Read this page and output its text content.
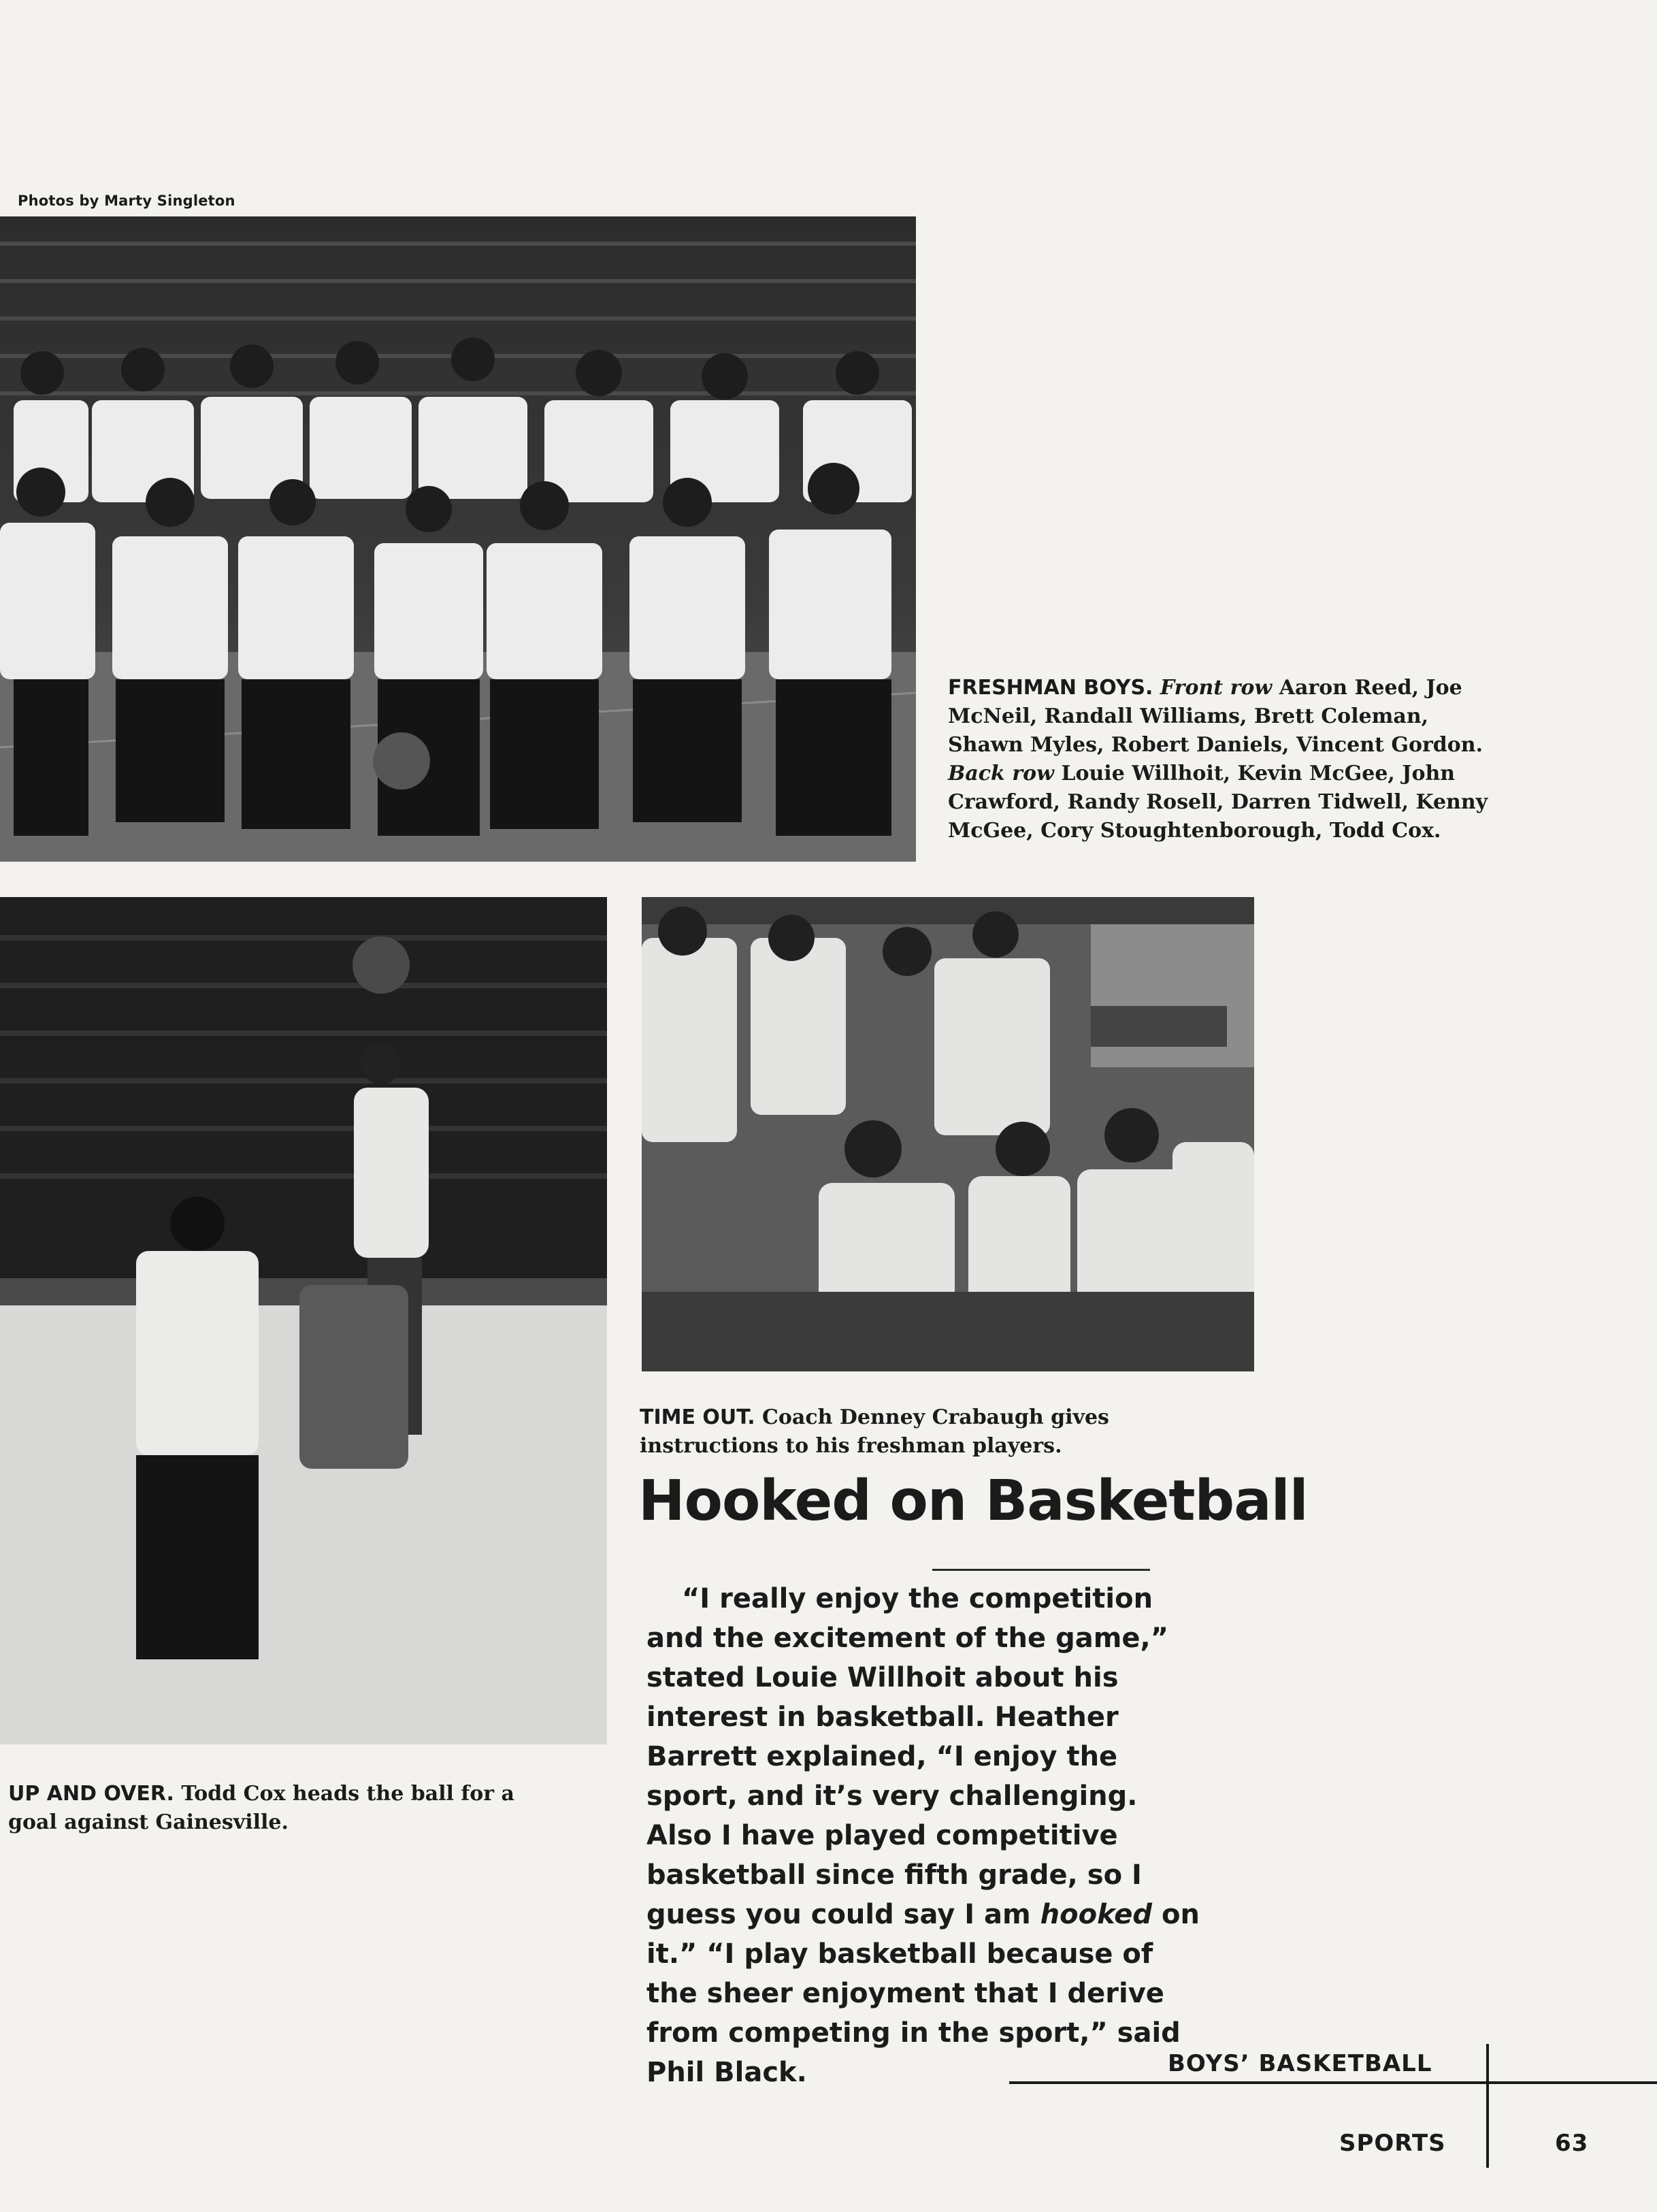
Photos by Marty Singleton
FRESHMAN BOYS. Front row Aaron Reed, Joe McNeil, Randall Williams, Brett Coleman, Shawn Myles, Robert Daniels, Vincent Gordon. Back row Louie Willhoit, Kevin McGee, John Crawford, Randy Rosell, Darren Tidwell, Kenny McGee, Cory Stoughtenborough, Todd Cox.
TIME OUT. Coach Denney Crabaugh gives instructions to his freshman players.
UP AND OVER. Todd Cox heads the ball for a goal against Gainesville.
Hooked on Basketball

“I really enjoy the competition and the excitement of the game,” stated Louie Willhoit about his interest in basketball. Heather Barrett explained, “I enjoy the sport, and it’s very challenging. Also I have played competitive basketball since fifth grade, so I guess you could say I am hooked on it.” “I play basketball because of the sheer enjoyment that I derive from competing in the sport,” said Phil Black.	BOYS’ BASKETBALL
SPORTS	63
